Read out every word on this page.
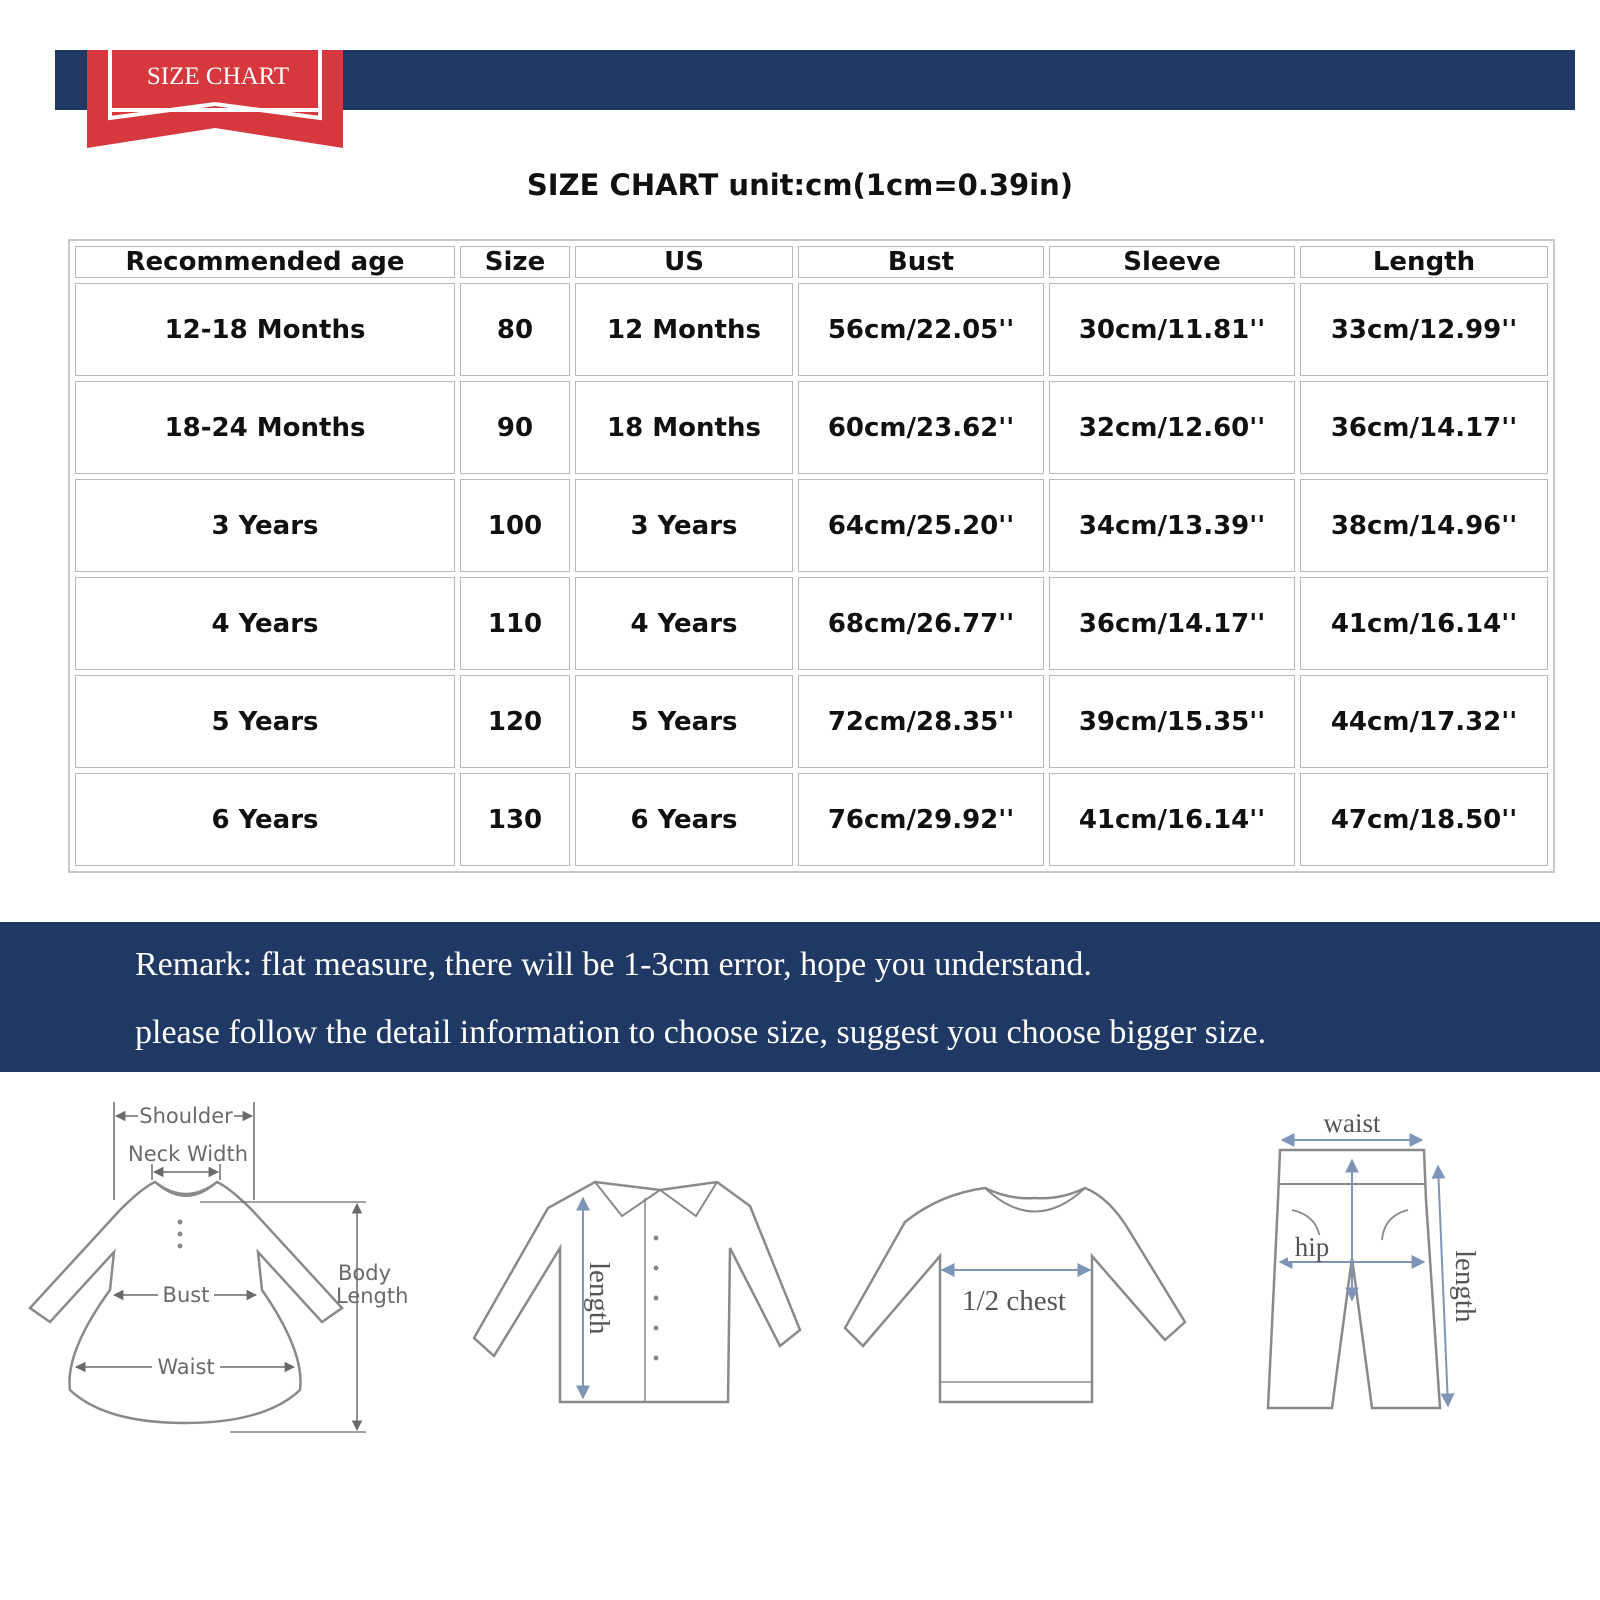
SIZE CHART
SIZE CHART unit:cm(1cm=0.39in)
Recommended age	Size	US	Bust	Sleeve	Length
12-18 Months	80	12 Months	56cm/22.05''	30cm/11.81''	33cm/12.99''
18-24 Months	90	18 Months	60cm/23.62''	32cm/12.60''	36cm/14.17''
3 Years	100	3 Years	64cm/25.20''	34cm/13.39''	38cm/14.96''
4 Years	110	4 Years	68cm/26.77''	36cm/14.17''	41cm/16.14''
5 Years	120	5 Years	72cm/28.35''	39cm/15.35''	44cm/17.32''
6 Years	130	6 Years	76cm/29.92''	41cm/16.14''	47cm/18.50''
Remark: flat measure, there will be 1-3cm error, hope you understand.
please follow the detail information to choose size, suggest you choose bigger size.
Shoulder
Neck Width
Bust
Waist
Body
Length	length	1/2 chest
waist
hip
length
